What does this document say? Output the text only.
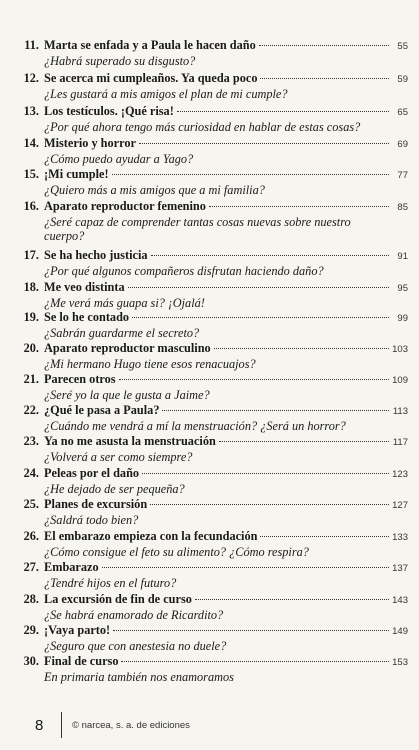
11. Marta se enfada y a Paula le hacen daño	55
¿Habrá superado su disgusto?
12. Se acerca mi cumpleaños. Ya queda poco	59
¿Les gustará a mis amigos el plan de mi cumple?
13. Los testículos. ¡Qué risa!	65
¿Por qué ahora tengo más curiosidad en hablar de estas cosas?
14. Misterio y horror	69
¿Cómo puedo ayudar a Yago?
15. ¡Mi cumple!	77
¿Quiero más a mis amigos que a mi familia?
16. Aparato reproductor femenino	85
¿Seré capaz de comprender tantas cosas nuevas sobre nuestro
cuerpo?
17. Se ha hecho justicia	91
¿Por qué algunos compañeros disfrutan haciendo daño?
18. Me veo distinta	95
¿Me verá más guapa si? ¡Ojalá!
19. Se lo he contado	99
¿Sabrán guardarme el secreto?
20. Aparato reproductor masculino	103
¿Mi hermano Hugo tiene esos renacuajos?
21. Parecen otros	109
¿Seré yo la que le gusta a Jaime?
22. ¿Qué le pasa a Paula?	113
¿Cuándo me vendrá a mí la menstruación? ¿Será un horror?
23. Ya no me asusta la menstruación	117
¿Volverá a ser como siempre?
24. Peleas por el daño	123
¿He dejado de ser pequeña?
25. Planes de excursión	127
¿Saldrá todo bien?
26. El embarazo empieza con la fecundación	133
¿Cómo consigue el feto su alimento? ¿Cómo respira?
27. Embarazo	137
¿Tendré hijos en el futuro?
28. La excursión de fin de curso	143
¿Se habrá enamorado de Ricardito?
29. ¡Vaya parto!	149
¿Seguro que con anestesia no duele?
30. Final de curso	153
En primaria también nos enamoramos
8	© narcea, s. a. de ediciones
